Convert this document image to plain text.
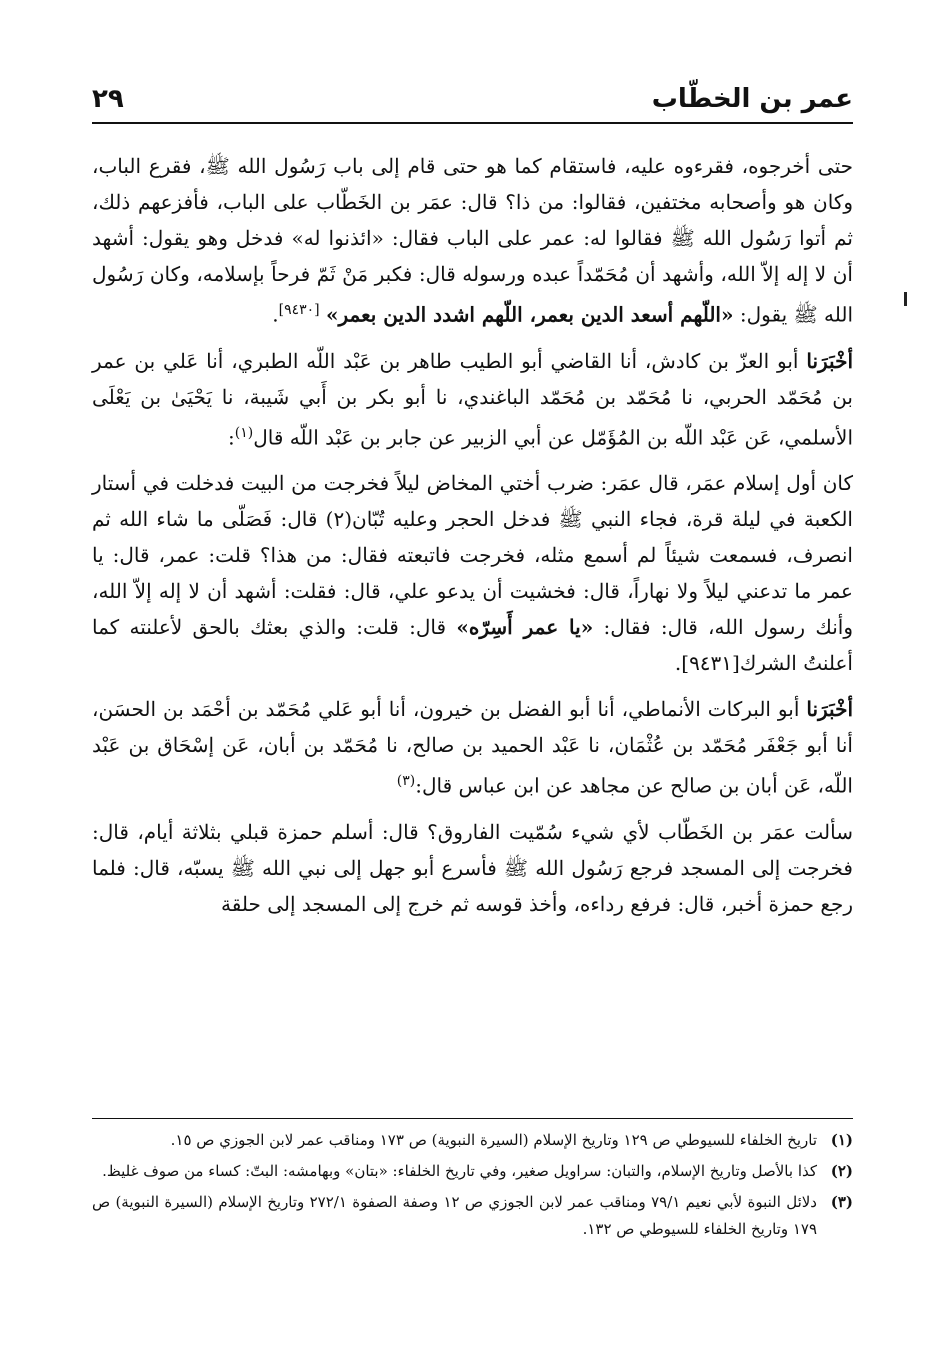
عمر بن الخطّاب
٢٩

حتى أخرجوه، فقرءوه عليه، فاستقام كما هو حتى قام إلى باب رَسُول الله ﷺ، فقرع الباب، وكان هو وأصحابه مختفين، فقالوا: من ذا؟ قال: عمَر بن الخَطّاب على الباب، فأفزعهم ذلك، ثم أتوا رَسُول الله ﷺ فقالوا له: عمر على الباب فقال: «ائذنوا له» فدخل وهو يقول: أشهد أن لا إله إلاّ الله، وأشهد أن مُحَمّداً عبده ورسوله قال: فكبر مَنْ ثَمّ فرحاً بإسلامه، وكان رَسُول الله ﷺ يقول: «اللّهم أسعد الدين بعمر، اللّهم اشدد الدين بعمر» [٩٤٣٠].

أخْبَرَنا أبو العزّ بن كادش، أنا القاضي أبو الطيب طاهر بن عَبْد اللّه الطبري، أنا عَلي بن عمر بن مُحَمّد الحربي، نا مُحَمّد بن مُحَمّد الباغندي، نا أبو بكر بن أَبي شَيبة، نا يَحْيَىٰ بن يَعْلَى الأسلمي، عَن عَبْد اللّه بن المُؤَمّل عن أبي الزبير عن جابر بن عَبْد اللّه قال$^{(١)}$:

كان أول إسلام عمَر، قال عمَر: ضرب أختي المخاض ليلاً فخرجت من البيت فدخلت في أستار الكعبة في ليلة قرة، فجاء النبي ﷺ فدخل الحجر وعليه تُبّان(٢) قال: فَصَلّى ما شاء الله ثم انصرف، فسمعت شيئاً لم أسمع مثله، فخرجت فاتبعته فقال: من هذا؟ قلت: عمر، قال: يا عمر ما تدعني ليلاً ولا نهاراً، قال: فخشيت أن يدعو علي، قال: فقلت: أشهد أن لا إله إلاّ الله، وأنك رسول الله، قال: فقال: «يا عمر أَسِرّه» قال: قلت: والذي بعثك بالحق لأعلنته كما أعلنتُ الشرك[٩٤٣١].

أخْبَرَنا أبو البركات الأنماطي، أنا أبو الفضل بن خيرون، أنا أبو عَلي مُحَمّد بن أحْمَد بن الحسَن، أنا أبو جَعْفَر مُحَمّد بن عُثْمَان، نا عَبْد الحميد بن صالح، نا مُحَمّد بن أبان، عَن إسْحَاق بن عَبْد اللّه، عَن أبان بن صالح عن مجاهد عن ابن عباس قال:$^{(٣)}$

سألت عمَر بن الخَطّاب لأي شيء سُمّيت الفاروق؟ قال: أسلم حمزة قبلي بثلاثة أيام، قال: فخرجت إلى المسجد فرجع رَسُول الله ﷺ فأسرع أبو جهل إلى نبي الله ﷺ يسبّه، قال: فلما رجع حمزة أخبر، قال: فرفع رداءه، وأخذ قوسه ثم خرج إلى المسجد إلى حلقة

(١)
تاريخ الخلفاء للسيوطي ص ١٢٩ وتاريخ الإسلام (السيرة النبوية) ص ١٧٣ ومناقب عمر لابن الجوزي ص ١٥.
(٢)
كذا بالأصل وتاريخ الإسلام، والتبان: سراويل صغير، وفي تاريخ الخلفاء: «بتان» وبهامشه: البتّ: كساء من صوف غليظ.
(٣)
دلائل النبوة لأبي نعيم ٧٩/١ ومناقب عمر لابن الجوزي ص ١٢ وصفة الصفوة ٢٧٢/١ وتاريخ الإسلام (السيرة النبوية) ص ١٧٩ وتاريخ الخلفاء للسيوطي ص ١٣٢.
